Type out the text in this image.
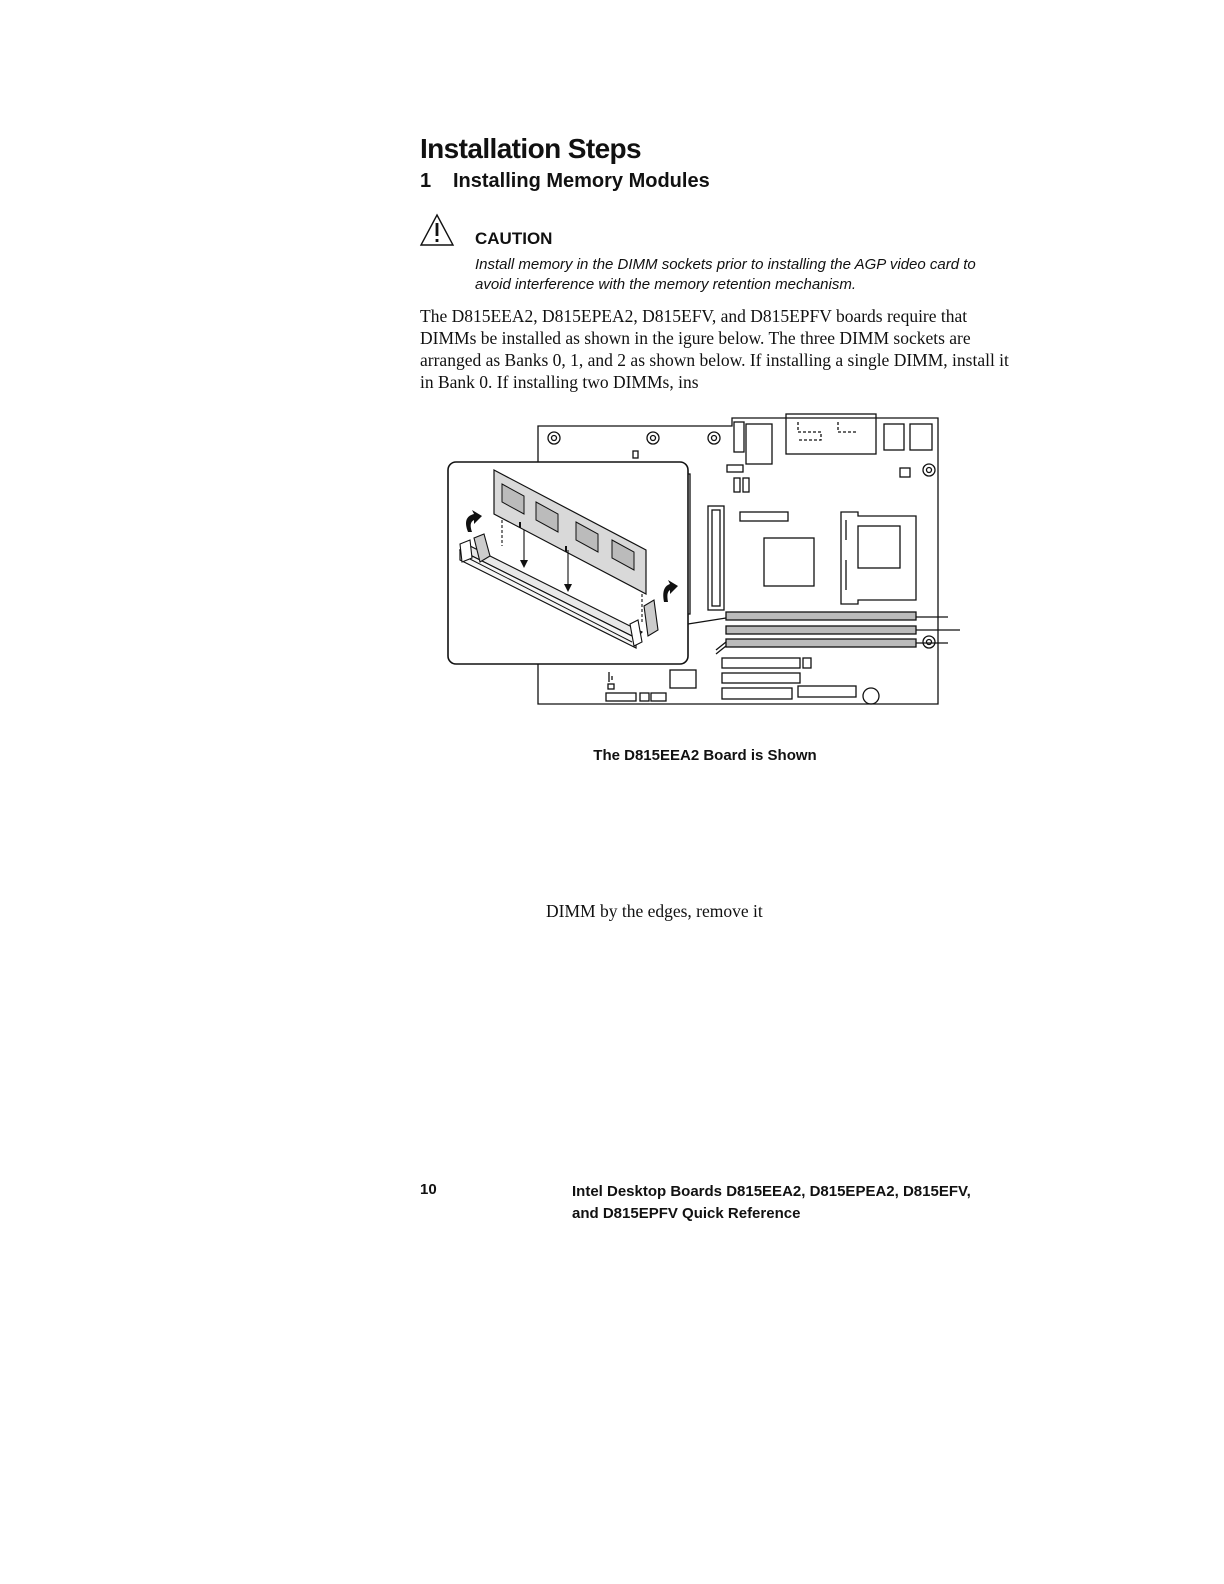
Installation Steps
1 Installing Memory Modules
CAUTION
Install memory in the DIMM sockets prior to installing the AGP video card to avoid interference with the memory retention mechanism.

The D815EEA2, D815EPEA2, D815EFV, and D815EPFV boards require that DIMMs be installed as shown in the igure below. The three DIMM sockets are arranged as Banks 0, 1, and 2 as shown below. If installing a single DIMM, install it in Bank 0. If installing two DIMMs, ins

The D815EEA2 Board is Shown
DIMM by the edges, remove it
10	Intel Desktop Boards D815EEA2, D815EPEA2, D815EFV,
and D815EPFV Quick Reference
